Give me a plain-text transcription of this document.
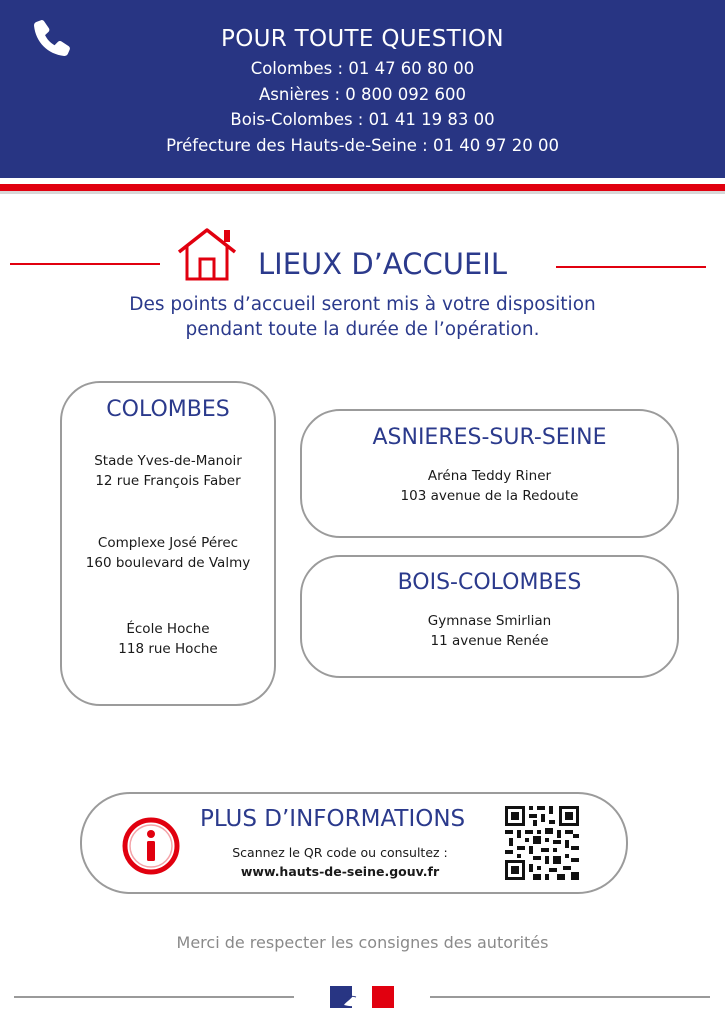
POUR TOUTE QUESTION
Colombes : 01 47 60 80 00
Asnières : 0 800 092 600
Bois-Colombes : 01 41 19 83 00
Préfecture des Hauts-de-Seine : 01 40 97 20 00
LIEUX D’ACCUEIL
Des points d’accueil seront mis à votre disposition
pendant toute la durée de l’opération.
COLOMBES
Stade Yves-de-Manoir
12 rue François Faber
Complexe José Pérec
160 boulevard de Valmy
École Hoche
118 rue Hoche
ASNIERES-SUR-SEINE
Aréna Teddy Riner
103 avenue de la Redoute
BOIS-COLOMBES
Gymnase Smirlian
11 avenue Renée
PLUS D’INFORMATIONS
Scannez le QR code ou consultez :
www.hauts-de-seine.gouv.fr
Merci de respecter les consignes des autorités
